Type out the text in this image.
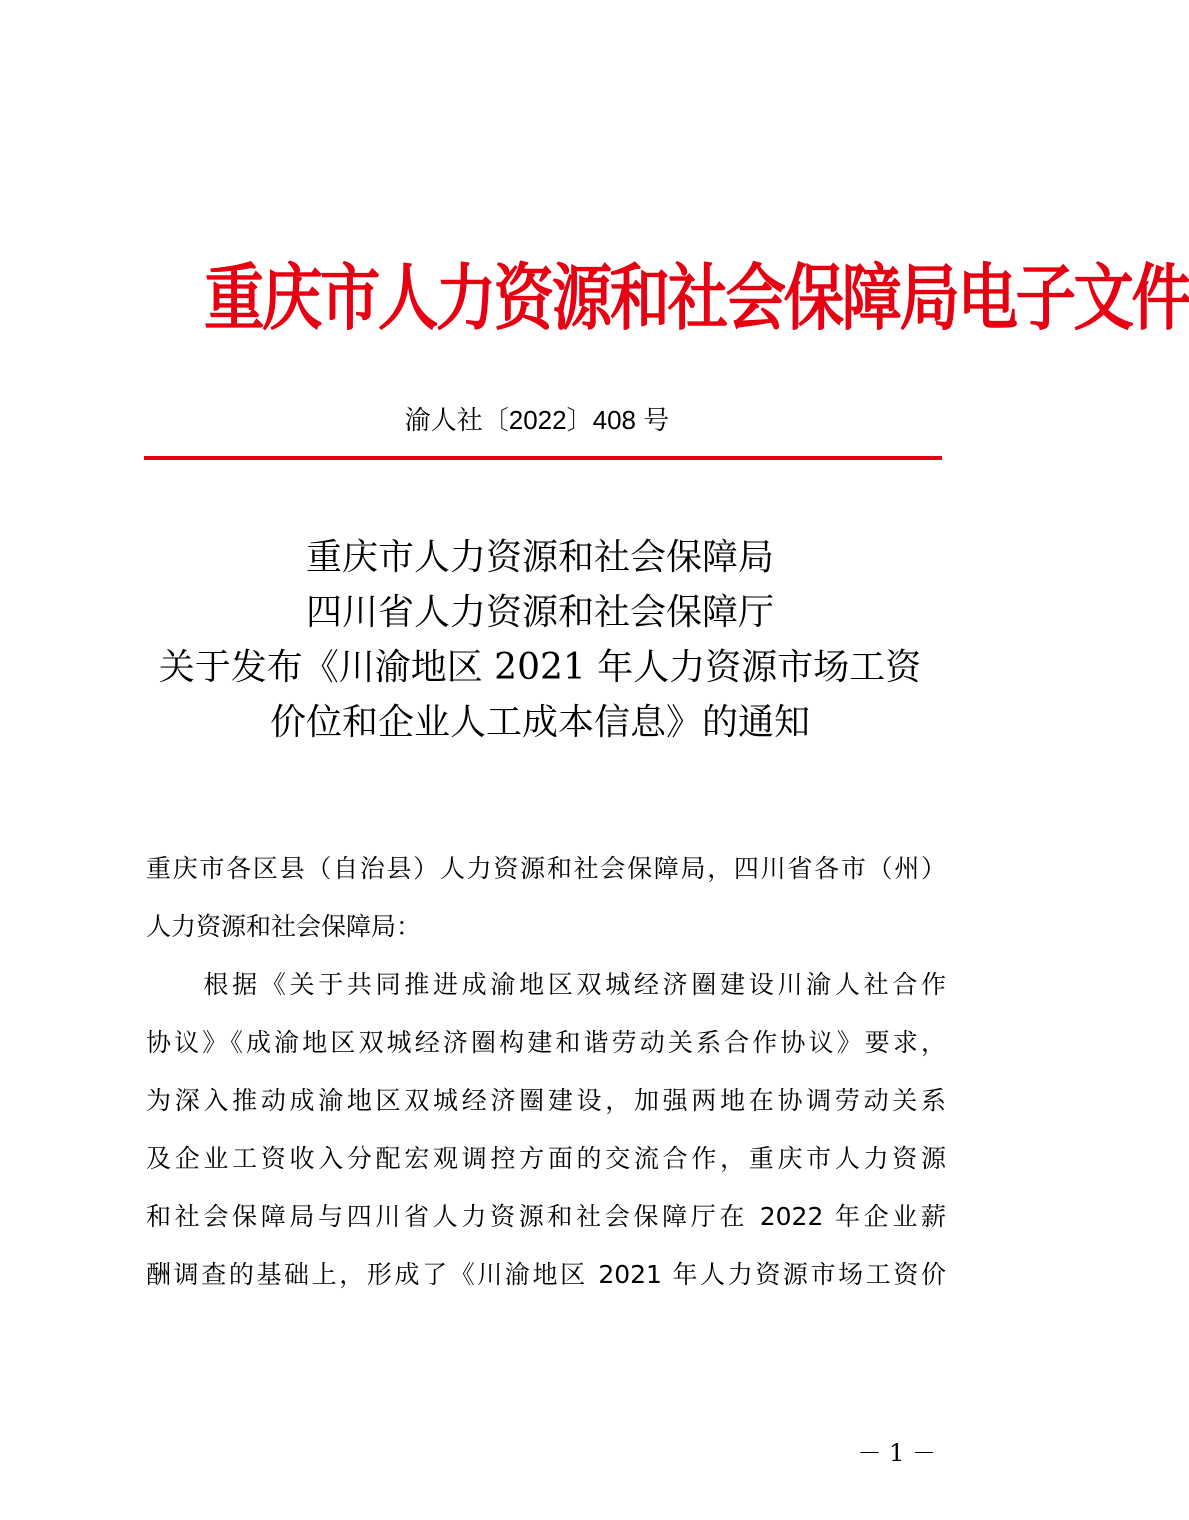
重庆市人力资源和社会保障局电子文件
渝人社〔2022〕408 号
重庆市人力资源和社会保障局
四川省人力资源和社会保障厅
关于发布《川渝地区 2021 年人力资源市场工资
价位和企业人工成本信息》的通知
重庆市各区县（自治县）人力资源和社会保障局，四川省各市（州）
人力资源和社会保障局：
　　根据《关于共同推进成渝地区双城经济圈建设川渝人社合作
协议》《成渝地区双城经济圈构建和谐劳动关系合作协议》要求，
为深入推动成渝地区双城经济圈建设，加强两地在协调劳动关系
及企业工资收入分配宏观调控方面的交流合作，重庆市人力资源
和社会保障局与四川省人力资源和社会保障厅在 2022 年企业薪
酬调查的基础上，形成了《川渝地区 2021 年人力资源市场工资价
－ 1 －
